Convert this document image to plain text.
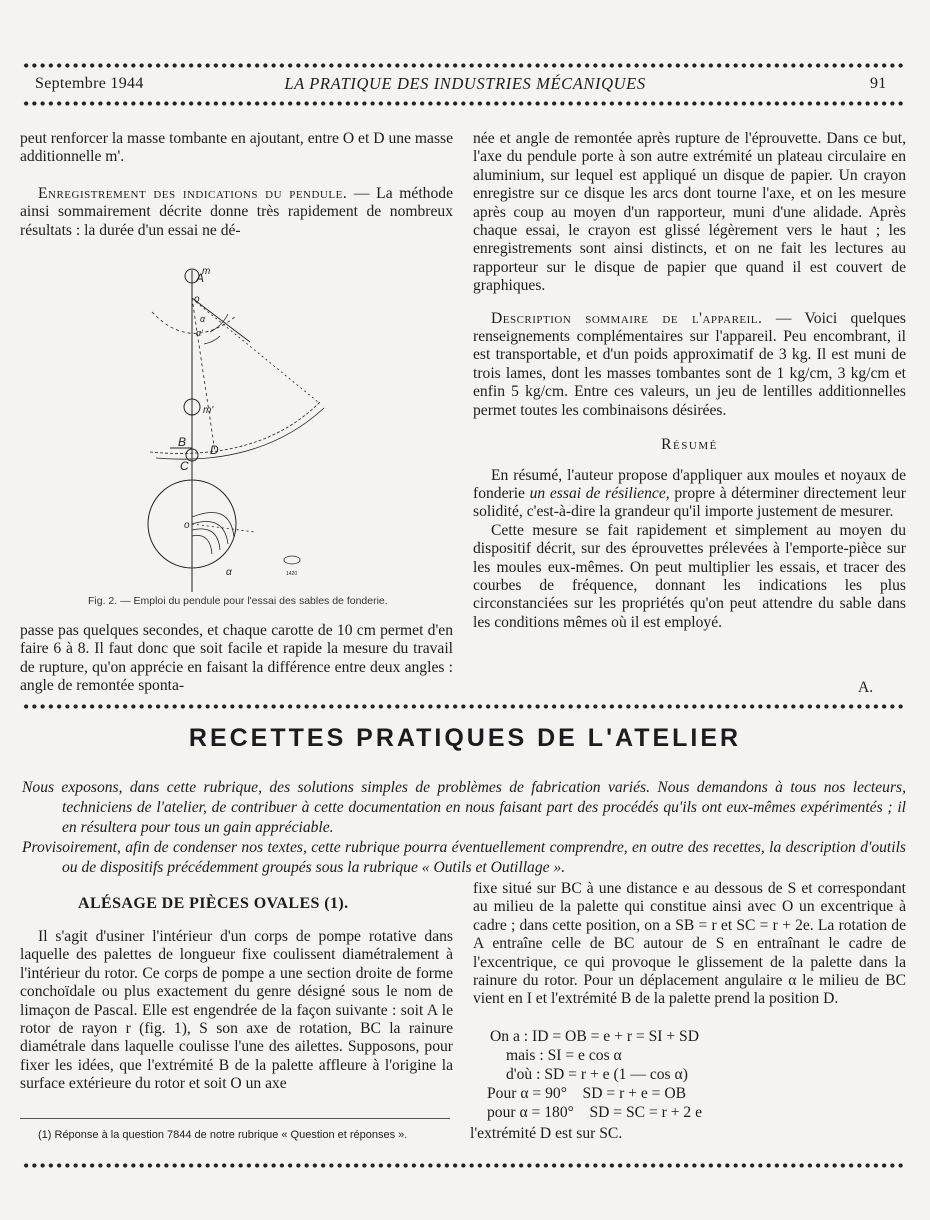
Septembre 1944	LA PRATIQUE DES INDUSTRIES MÉCANIQUES	91

peut renforcer la masse tombante en ajoutant, entre O et D une masse additionnelle m'.

Enregistrement des indications du pendule. — La méthode ainsi sommairement décrite donne très rapidement de nombreux résultats : la durée d'un essai ne dé-

A
m
o
α
α'
m'
B
D
C
o
α	1420
Fig. 2. — Emploi du pendule pour l'essai des sables de fonderie.

passe pas quelques secondes, et chaque carotte de 10 cm permet d'en faire 6 à 8. Il faut donc que soit facile et rapide la mesure du travail de rupture, qu'on apprécie en faisant la différence entre deux angles : angle de remontée sponta-

née et angle de remontée après rupture de l'éprouvette. Dans ce but, l'axe du pendule porte à son autre extrémité un plateau circulaire en aluminium, sur lequel est appliqué un disque de papier. Un crayon enregistre sur ce disque les arcs dont tourne l'axe, et on les mesure après coup au moyen d'un rapporteur, muni d'une alidade. Après chaque essai, le crayon est glissé légèrement vers le haut ; les enregistrements sont ainsi distincts, et on ne fait les lectures au rapporteur sur le disque de papier que quand il est couvert de graphiques.

Description sommaire de l'appareil. — Voici quelques renseignements complémentaires sur l'appareil. Peu encombrant, il est transportable, et d'un poids approximatif de 3 kg. Il est muni de trois lames, dont les masses tombantes sont de 1 kg/cm, 3 kg/cm et enfin 5 kg/cm. Entre ces valeurs, un jeu de lentilles additionnelles permet toutes les combinaisons désirées.

Résumé

En résumé, l'auteur propose d'appliquer aux moules et noyaux de fonderie un essai de résilience, propre à déterminer directement leur solidité, c'est-à-dire la grandeur qu'il importe justement de mesurer.

Cette mesure se fait rapidement et simplement au moyen du dispositif décrit, sur des éprouvettes prélevées à l'emporte-pièce sur les moules eux-mêmes. On peut multiplier les essais, et tracer des courbes de fréquence, donnant les indications les plus circonstanciées sur les propriétés qu'on peut attendre du sable dans les conditions mêmes où il est employé.

A.
RECETTES PRATIQUES DE L'ATELIER

Nous exposons, dans cette rubrique, des solutions simples de problèmes de fabrication variés. Nous demandons à tous nos lecteurs, techniciens de l'atelier, de contribuer à cette documentation en nous faisant part des procédés qu'ils ont eux-mêmes expérimentés ; il en résultera pour tous un gain appréciable.

Provisoirement, afin de condenser nos textes, cette rubrique pourra éventuellement comprendre, en outre des recettes, la description d'outils ou de dispositifs précédemment groupés sous la rubrique « Outils et Outillage ».

ALÉSAGE DE PIÈCES OVALES (1).

Il s'agit d'usiner l'intérieur d'un corps de pompe rotative dans laquelle des palettes de longueur fixe coulissent diamétralement à l'intérieur du rotor. Ce corps de pompe a une section droite de forme conchoïdale ou plus exactement du genre désigné sous le nom de limaçon de Pascal. Elle est engendrée de la façon suivante : soit A le rotor de rayon r (fig. 1), S son axe de rotation, BC la rainure diamétrale dans laquelle coulisse l'une des ailettes. Supposons, pour fixer les idées, que l'extrémité B de la palette affleure à l'origine la surface extérieure du rotor et soit O un axe

(1) Réponse à la question 7844 de notre rubrique « Question et réponses ».

fixe situé sur BC à une distance e au dessous de S et correspondant au milieu de la palette qui constitue ainsi avec O un excentrique à cadre ; dans cette position, on a SB = r et SC = r + 2e. La rotation de A entraîne celle de BC autour de S en entraînant le cadre de l'excentrique, ce qui provoque le glissement de la palette dans la rainure du rotor. Pour un déplacement angulaire α le milieu de BC vient en I et l'extrémité B de la palette prend la position D.

On a : ID = OB = e + r = SI + SD
mais : SI = e cos α
d'où : SD = r + e (1 — cos α)
Pour α = 90°    SD = r + e = OB
pour α = 180°    SD = SC = r + 2 e
l'extrémité D est sur SC.
